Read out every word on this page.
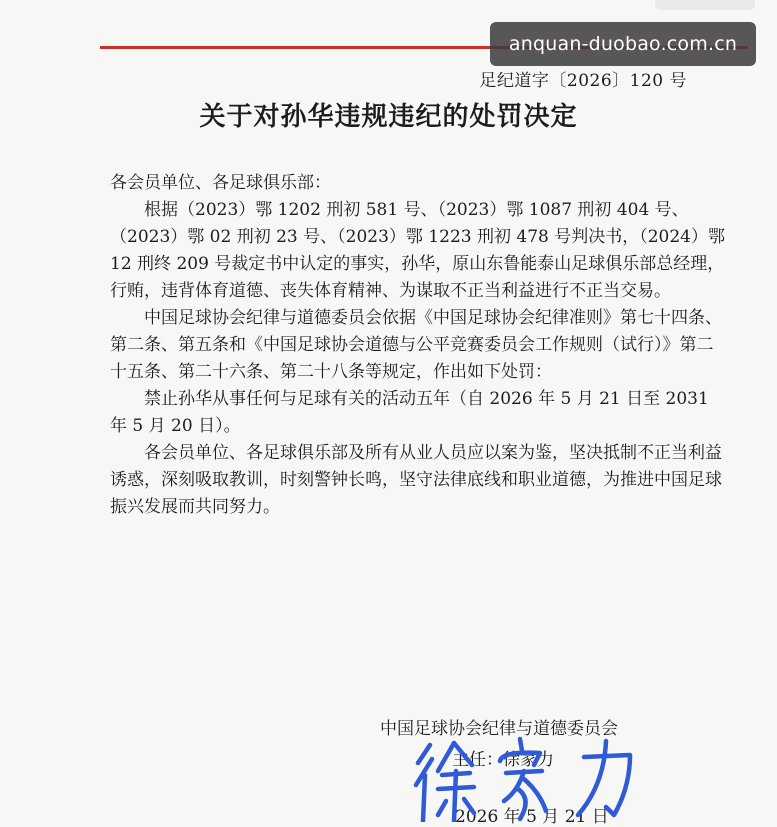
anquan-duobao.com.cn
足纪道字〔2026〕120 号
关于对孙华违规违纪的处罚决定

各会员单位、各足球俱乐部：

根据（2023）鄂 1202 刑初 581 号、（2023）鄂 1087 刑初 404 号、（2023）鄂 02 刑初 23 号、（2023）鄂 1223 刑初 478 号判决书，（2024）鄂 12 刑终 209 号裁定书中认定的事实，孙华，原山东鲁能泰山足球俱乐部总经理，行贿，违背体育道德、丧失体育精神、为谋取不正当利益进行不正当交易。

中国足球协会纪律与道德委员会依据《中国足球协会纪律准则》第七十四条、第二条、第五条和《中国足球协会道德与公平竞赛委员会工作规则（试行）》第二十五条、第二十六条、第二十八条等规定，作出如下处罚：

禁止孙华从事任何与足球有关的活动五年（自 2026 年 5 月 21 日至 2031 年 5 月 20 日）。

各会员单位、各足球俱乐部及所有从业人员应以案为鉴，坚决抵制不正当利益诱惑，深刻吸取教训，时刻警钟长鸣，坚守法律底线和职业道德，为推进中国足球振兴发展而共同努力。

中国足球协会纪律与道德委员会
主任：徐家力
2026 年 5 月 21 日
